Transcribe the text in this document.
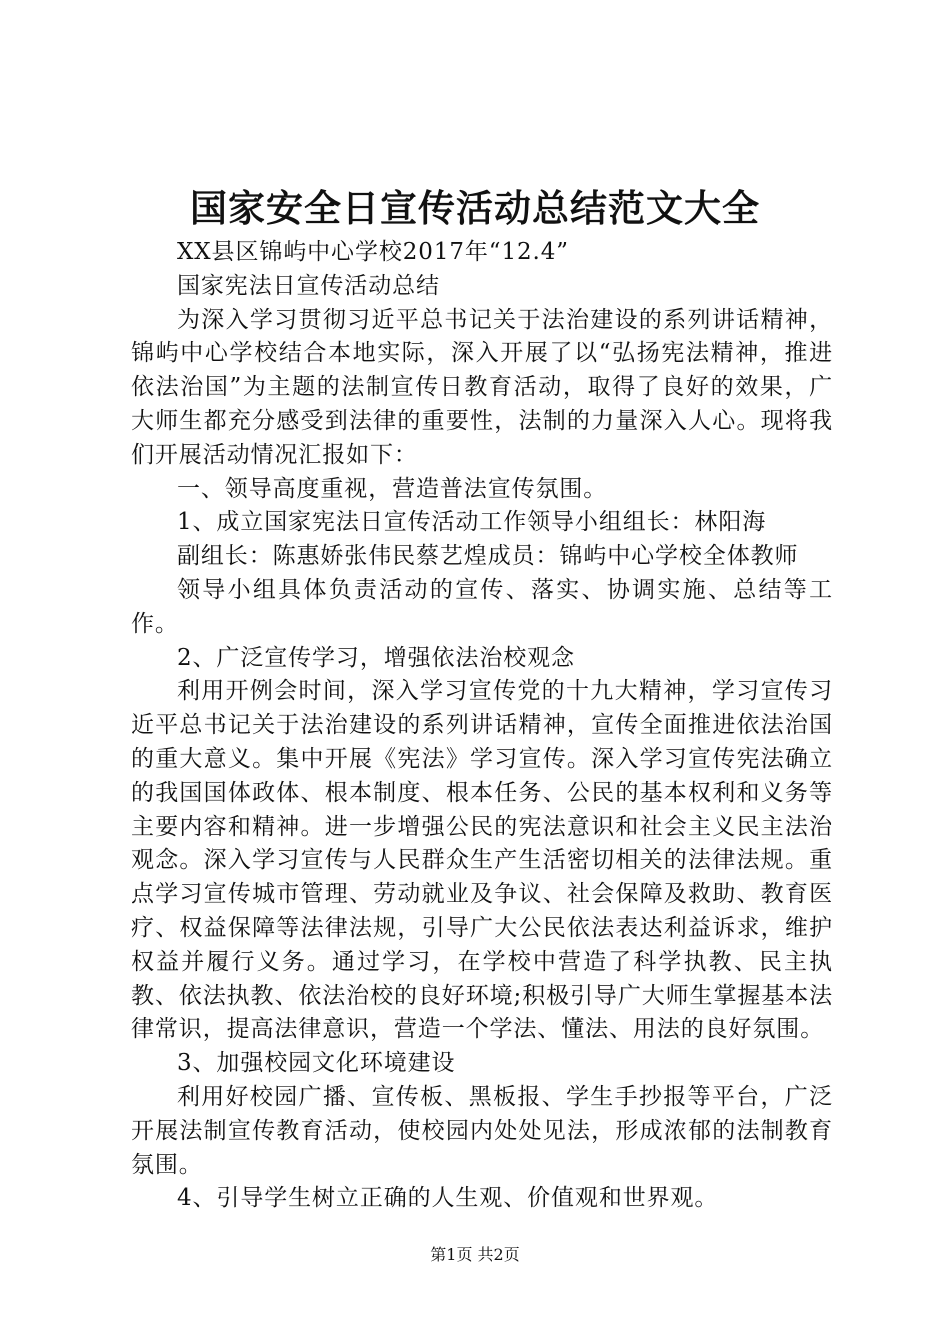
国家安全日宣传活动总结范文大全

XX县区锦屿中心学校2017年“12.4”

国家宪法日宣传活动总结

为深入学习贯彻习近平总书记关于法治建设的系列讲话精神，锦屿中心学校结合本地实际，深入开展了以“弘扬宪法精神，推进依法治国”为主题的法制宣传日教育活动，取得了良好的效果，广大师生都充分感受到法律的重要性，法制的力量深入人心。现将我们开展活动情况汇报如下：

一、领导高度重视，营造普法宣传氛围。

1、成立国家宪法日宣传活动工作领导小组组长：林阳海

副组长：陈惠娇张伟民蔡艺煌成员：锦屿中心学校全体教师

领导小组具体负责活动的宣传、落实、协调实施、总结等工作。

2、广泛宣传学习，增强依法治校观念

利用开例会时间，深入学习宣传党的十九大精神，学习宣传习近平总书记关于法治建设的系列讲话精神，宣传全面推进依法治国的重大意义。集中开展《宪法》学习宣传。深入学习宣传宪法确立的我国国体政体、根本制度、根本任务、公民的基本权利和义务等主要内容和精神。进一步增强公民的宪法意识和社会主义民主法治观念。深入学习宣传与人民群众生产生活密切相关的法律法规。重点学习宣传城市管理、劳动就业及争议、社会保障及救助、教育医疗、权益保障等法律法规，引导广大公民依法表达利益诉求，维护权益并履行义务。通过学习，在学校中营造了科学执教、民主执教、依法执教、依法治校的良好环境;积极引导广大师生掌握基本法律常识，提高法律意识，营造一个学法、懂法、用法的良好氛围。

3、加强校园文化环境建设

利用好校园广播、宣传板、黑板报、学生手抄报等平台，广泛开展法制宣传教育活动，使校园内处处见法，形成浓郁的法制教育氛围。

4、引导学生树立正确的人生观、价值观和世界观。

第1页 共2页
